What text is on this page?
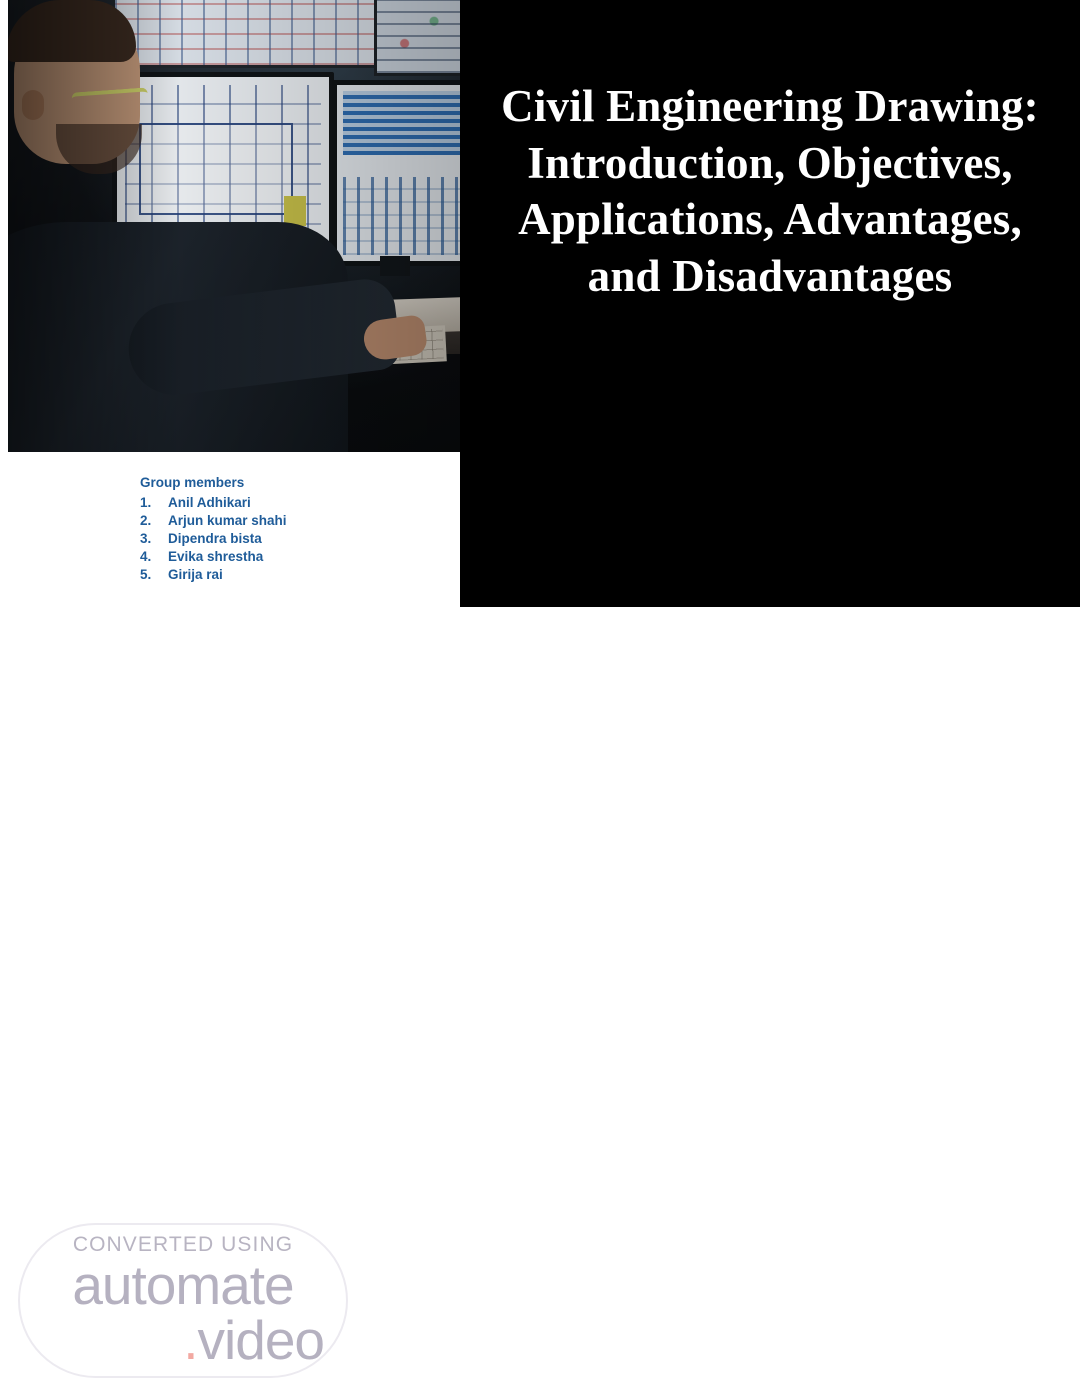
Civil Engineering Drawing: Introduction, Objectives, Applications, Advantages, and Disadvantages
Group members
1.	Anil Adhikari
2.	Arjun kumar shahi
3.	Dipendra bista
4.	Evika shrestha
5.	Girija rai
CONVERTED USING
automate
.video
